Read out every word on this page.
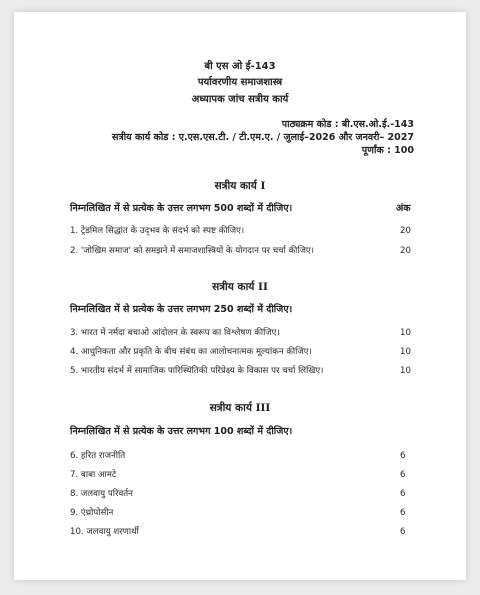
बी एस ओ ई-143
पर्यावरणीय समाजशास्त्र
अध्यापक जांच सत्रीय कार्य
पाठ्यक्रम कोड : बी.एस.ओ.ई.-143
सत्रीय कार्य कोड : ए.एस.एस.टी. / टी.एम.ए. / जुलाई–2026 और जनवरी– 2027
पूर्णांक : 100
सत्रीय कार्य I
निम्नलिखित में से प्रत्येक के उत्तर लगभग 500 शब्दों में दीजिए।	अंक
1. ट्रेडमिल सिद्धांत के उद्‍भव के संदर्भ को स्पष्ट कीजिए।	20
2. 'जोखिम समाज' को समझने में समाजशास्त्रियों के योगदान पर चर्चा कीजिए।	20
सत्रीय कार्य II
निम्नलिखित में से प्रत्येक के उत्तर लगभग 250 शब्दों में दीजिए।
3. भारत में नर्मदा बचाओ आंदोलन के स्वरूप का विश्लेषण कीजिए।	10
4. आधुनिकता और प्रकृति के बीच संबंध का आलोचनात्मक मूल्यांकन कीजिए।	10
5. भारतीय संदर्भ में सामाजिक पारिस्थितिकी परिप्रेक्ष्य के विकास पर चर्चा लिखिए।	10
सत्रीय कार्य III
निम्नलिखित में से प्रत्येक के उत्तर लगभग 100 शब्दों में दीजिए।
6. हरित राजनीति	6
7. बाबा आमटे	6
8. जलवायु परिवर्तन	6
9. एंथ्रोपोसीन	6
10. जलवायु शरणार्थी	6
